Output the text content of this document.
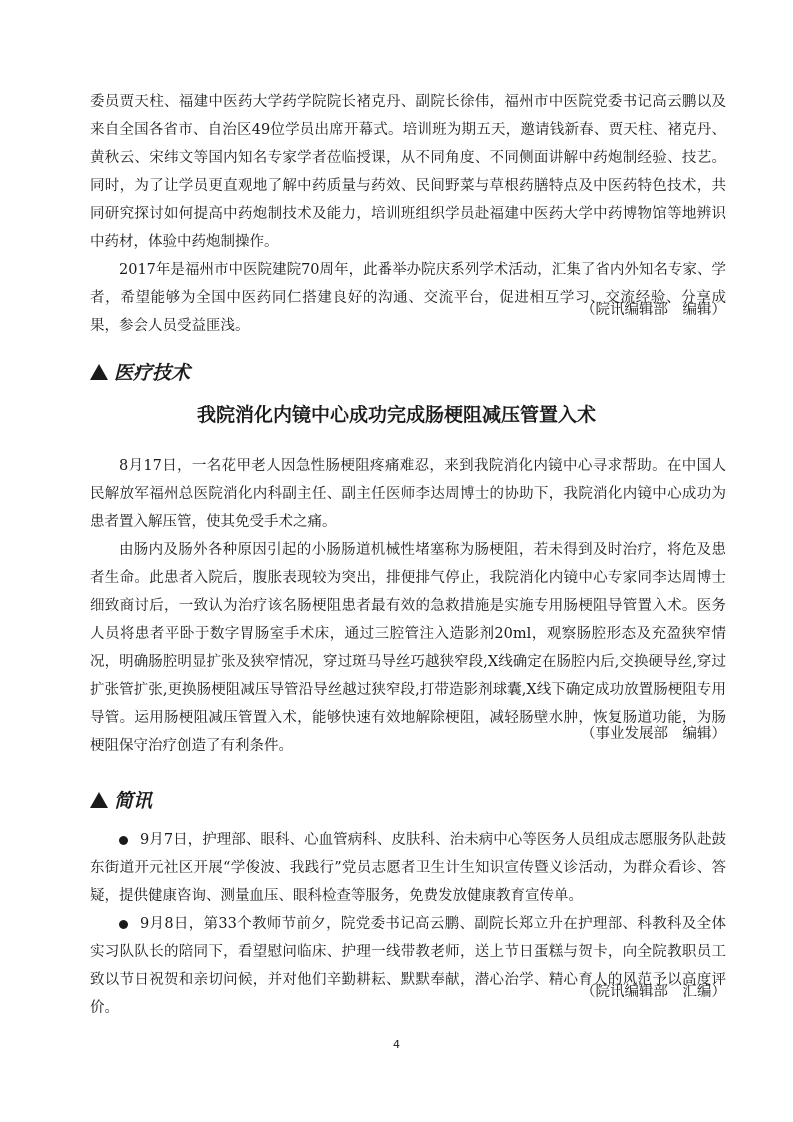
委员贾天柱、福建中医药大学药学院院长褚克丹、副院长徐伟，福州市中医院党委书记高云鹏以及来自全国各省市、自治区49位学员出席开幕式。培训班为期五天，邀请钱新春、贾天柱、褚克丹、黄秋云、宋纬文等国内知名专家学者莅临授课，从不同角度、不同侧面讲解中药炮制经验、技艺。同时，为了让学员更直观地了解中药质量与药效、民间野菜与草根药膳特点及中医药特色技术，共同研究探讨如何提高中药炮制技术及能力，培训班组织学员赴福建中医药大学中药博物馆等地辨识中药材，体验中药炮制操作。

2017年是福州市中医院建院70周年，此番举办院庆系列学术活动，汇集了省内外知名专家、学者，希望能够为全国中医药同仁搭建良好的沟通、交流平台，促进相互学习、交流经验、分享成果，参会人员受益匪浅。

（院讯编辑部　编辑）
医疗技术
我院消化内镜中心成功完成肠梗阻减压管置入术

8月17日，一名花甲老人因急性肠梗阻疼痛难忍，来到我院消化内镜中心寻求帮助。在中国人民解放军福州总医院消化内科副主任、副主任医师李达周博士的协助下，我院消化内镜中心成功为患者置入解压管，使其免受手术之痛。

由肠内及肠外各种原因引起的小肠肠道机械性堵塞称为肠梗阻，若未得到及时治疗，将危及患者生命。此患者入院后，腹胀表现较为突出，排便排气停止，我院消化内镜中心专家同李达周博士细致商讨后，一致认为治疗该名肠梗阻患者最有效的急救措施是实施专用肠梗阻导管置入术。医务人员将患者平卧于数字胃肠室手术床，通过三腔管注入造影剂20ml，观察肠腔形态及充盈狭窄情况，明确肠腔明显扩张及狭窄情况，穿过斑马导丝巧越狭窄段,X线确定在肠腔内后,交换硬导丝,穿过扩张管扩张,更换肠梗阻减压导管沿导丝越过狭窄段,打带造影剂球囊,X线下确定成功放置肠梗阻专用导管。运用肠梗阻减压管置入术，能够快速有效地解除梗阻，减轻肠壁水肿，恢复肠道功能，为肠梗阻保守治疗创造了有利条件。

（事业发展部　编辑）
简讯

9月7日，护理部、眼科、心血管病科、皮肤科、治未病中心等医务人员组成志愿服务队赴鼓东街道开元社区开展“学俊波、我践行”党员志愿者卫生计生知识宣传暨义诊活动，为群众看诊、答疑，提供健康咨询、测量血压、眼科检查等服务，免费发放健康教育宣传单。

9月8日，第33个教师节前夕，院党委书记高云鹏、副院长郑立升在护理部、科教科及全体实习队队长的陪同下，看望慰问临床、护理一线带教老师，送上节日蛋糕与贺卡，向全院教职员工致以节日祝贺和亲切问候，并对他们辛勤耕耘、默默奉献，潜心治学、精心育人的风范予以高度评价。

（院讯编辑部　汇编）
4
